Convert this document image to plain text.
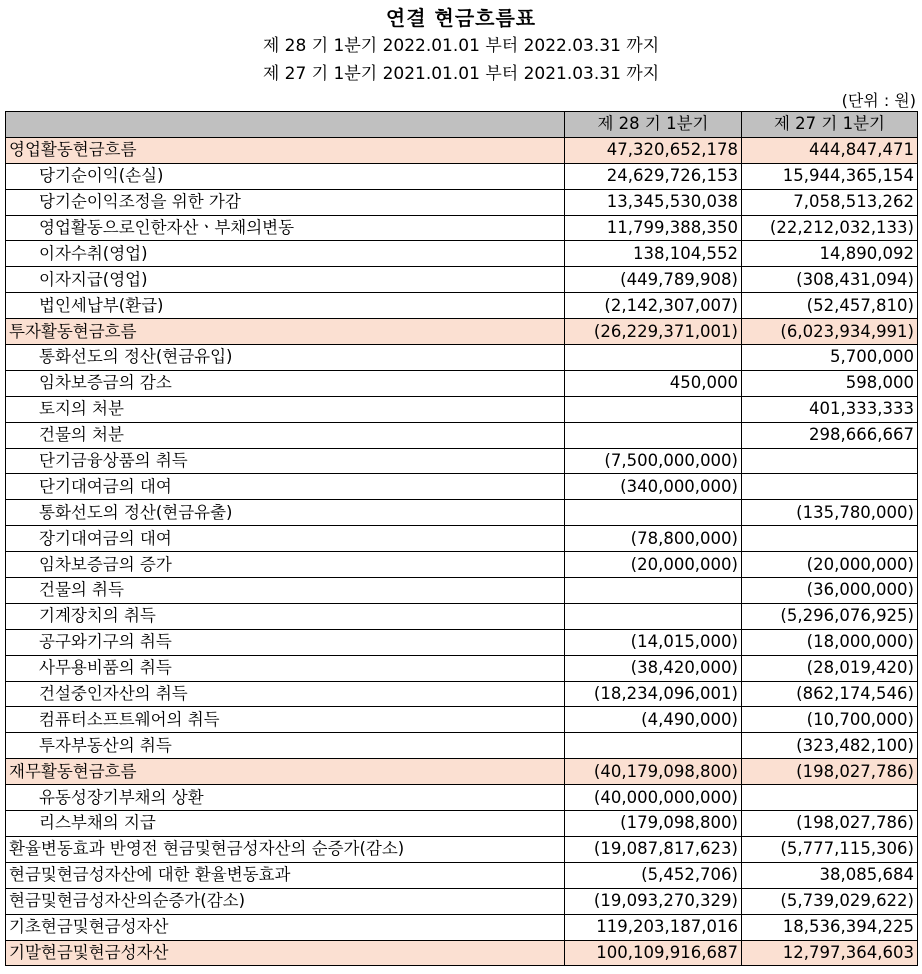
연결 현금흐름표
제 28 기 1분기 2022.01.01 부터 2022.03.31 까지
제 27 기 1분기 2021.01.01 부터 2021.03.31 까지
(단위 : 원)
	제 28 기 1분기	제 27 기 1분기
영업활동현금흐름	47,320,652,178	444,847,471
당기순이익(손실)	24,629,726,153	15,944,365,154
당기순이익조정을 위한 가감	13,345,530,038	7,058,513,262
영업활동으로인한자산ㆍ부채의변동	11,799,388,350	(22,212,032,133)
이자수취(영업)	138,104,552	14,890,092
이자지급(영업)	(449,789,908)	(308,431,094)
법인세납부(환급)	(2,142,307,007)	(52,457,810)
투자활동현금흐름	(26,229,371,001)	(6,023,934,991)
통화선도의 정산(현금유입)		5,700,000
임차보증금의 감소	450,000	598,000
토지의 처분		401,333,333
건물의 처분		298,666,667
단기금융상품의 취득	(7,500,000,000)	
단기대여금의 대여	(340,000,000)	
통화선도의 정산(현금유출)		(135,780,000)
장기대여금의 대여	(78,800,000)	
임차보증금의 증가	(20,000,000)	(20,000,000)
건물의 취득		(36,000,000)
기계장치의 취득		(5,296,076,925)
공구와기구의 취득	(14,015,000)	(18,000,000)
사무용비품의 취득	(38,420,000)	(28,019,420)
건설중인자산의 취득	(18,234,096,001)	(862,174,546)
컴퓨터소프트웨어의 취득	(4,490,000)	(10,700,000)
투자부동산의 취득		(323,482,100)
재무활동현금흐름	(40,179,098,800)	(198,027,786)
유동성장기부채의 상환	(40,000,000,000)	
리스부채의 지급	(179,098,800)	(198,027,786)
환율변동효과 반영전 현금및현금성자산의 순증가(감소)	(19,087,817,623)	(5,777,115,306)
현금및현금성자산에 대한 환율변동효과	(5,452,706)	38,085,684
현금및현금성자산의순증가(감소)	(19,093,270,329)	(5,739,029,622)
기초현금및현금성자산	119,203,187,016	18,536,394,225
기말현금및현금성자산	100,109,916,687	12,797,364,603
